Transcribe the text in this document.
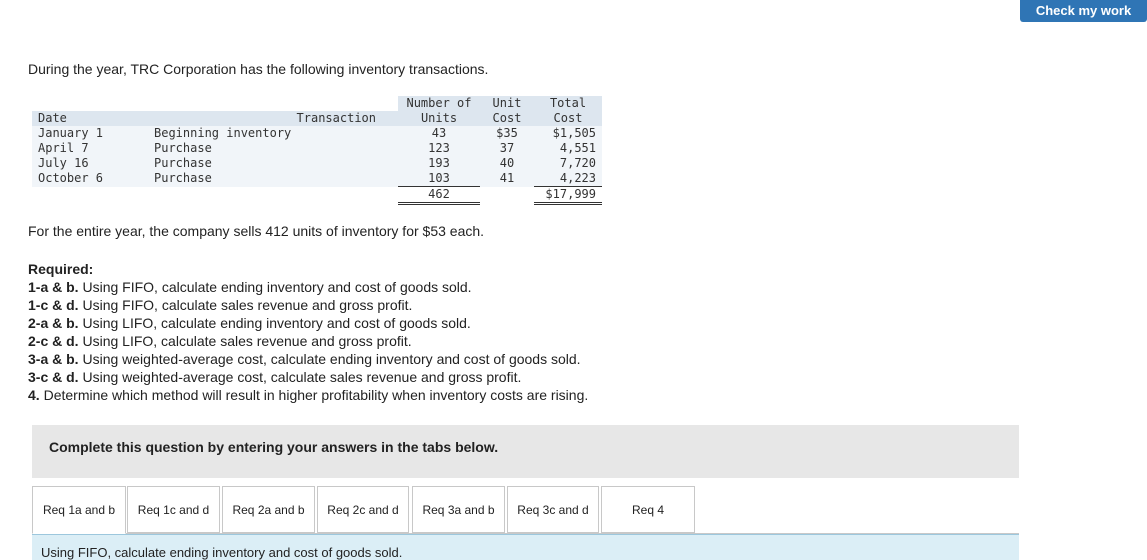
Check my work

During the year, TRC Corporation has the following inventory transactions.

		Number of	Unit	Total
Date	Transaction	Units	Cost	Cost
January 1	Beginning inventory	43	$35	$1,505
April 7	Purchase	123	37	4,551
July 16	Purchase	193	40	7,720
October 6	Purchase	103	41	4,223
		462		$17,999

For the entire year, the company sells 412 units of inventory for $53 each.

Required:
1-a & b. Using FIFO, calculate ending inventory and cost of goods sold.
1-c & d. Using FIFO, calculate sales revenue and gross profit.
2-a & b. Using LIFO, calculate ending inventory and cost of goods sold.
2-c & d. Using LIFO, calculate sales revenue and gross profit.
3-a & b. Using weighted-average cost, calculate ending inventory and cost of goods sold.
3-c & d. Using weighted-average cost, calculate sales revenue and gross profit.
4. Determine which method will result in higher profitability when inventory costs are rising.
Complete this question by entering your answers in the tabs below.
Req 1a and b	Req 1c and d	Req 2a and b	Req 2c and d	Req 3a and b	Req 3c and d	Req 4
Using FIFO, calculate ending inventory and cost of goods sold.
